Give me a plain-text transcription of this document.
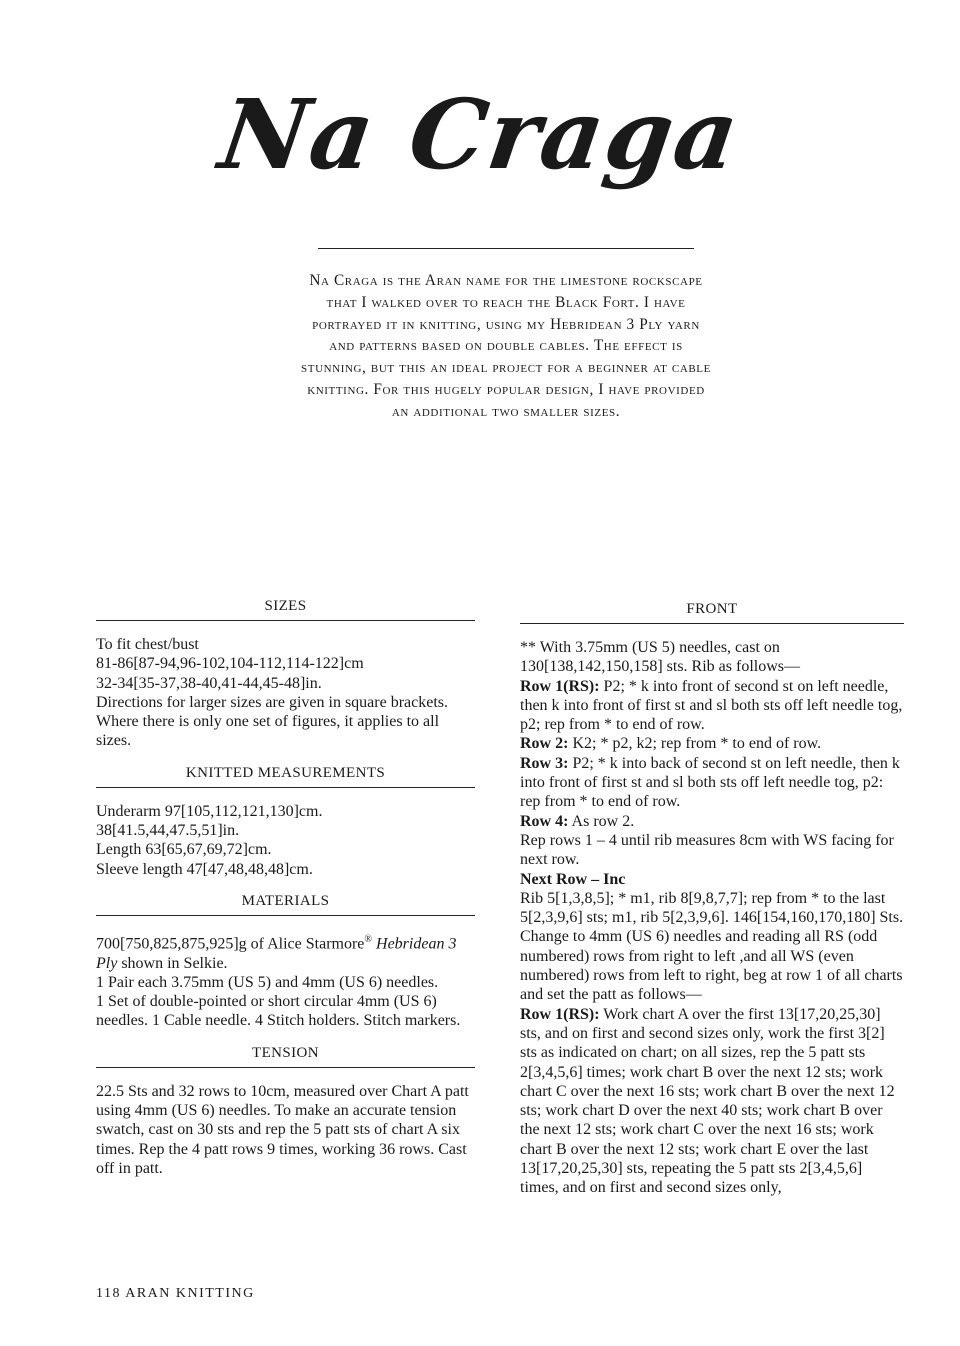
Na Craga
Na Craga is the Aran name for the limestone rockscape that I walked over to reach the Black Fort. I have portrayed it in knitting, using my Hebridean 3 Ply yarn and patterns based on double cables. The effect is stunning, but this an ideal project for a beginner at cable knitting. For this hugely popular design, I have provided an additional two smaller sizes.
SIZES

To fit chest/bust

81-86[87-94,96-102,104-112,114-122]cm

32-34[35-37,38-40,41-44,45-48]in.

Directions for larger sizes are given in square brackets. Where there is only one set of figures, it applies to all sizes.

KNITTED MEASUREMENTS

Underarm 97[105,112,121,130]cm.

38[41.5,44,47.5,51]in.

Length 63[65,67,69,72]cm.

Sleeve length 47[47,48,48,48]cm.

MATERIALS

700[750,825,875,925]g of Alice Starmore® Hebridean 3 Ply shown in Selkie.

1 Pair each 3.75mm (US 5) and 4mm (US 6) needles.

1 Set of double-pointed or short circular 4mm (US 6) needles. 1 Cable needle. 4 Stitch holders. Stitch markers.

TENSION

22.5 Sts and 32 rows to 10cm, measured over Chart A patt using 4mm (US 6) needles. To make an accurate tension swatch, cast on 30 sts and rep the 5 patt sts of chart A six times. Rep the 4 patt rows 9 times, working 36 rows. Cast off in patt.

FRONT

** With 3.75mm (US 5) needles, cast on 130[138,142,150,158] sts. Rib as follows—

Row 1(RS): P2; * k into front of second st on left needle, then k into front of first st and sl both sts off left needle tog, p2; rep from * to end of row.

Row 2: K2; * p2, k2; rep from * to end of row.

Row 3: P2; * k into back of second st on left needle, then k into front of first st and sl both sts off left needle tog, p2: rep from * to end of row.

Row 4: As row 2.

Rep rows 1 – 4 until rib measures 8cm with WS facing for next row.

Next Row – Inc

Rib 5[1,3,8,5]; * m1, rib 8[9,8,7,7]; rep from * to the last 5[2,3,9,6] sts; m1, rib 5[2,3,9,6]. 146[154,160,170,180] Sts.

Change to 4mm (US 6) needles and reading all RS (odd numbered) rows from right to left ,and all WS (even numbered) rows from left to right, beg at row 1 of all charts and set the patt as follows—

Row 1(RS): Work chart A over the first 13[17,20,25,30] sts, and on first and second sizes only, work the first 3[2] sts as indicated on chart; on all sizes, rep the 5 patt sts 2[3,4,5,6] times; work chart B over the next 12 sts; work chart C over the next 16 sts; work chart B over the next 12 sts; work chart D over the next 40 sts; work chart B over the next 12 sts; work chart C over the next 16 sts; work chart B over the next 12 sts; work chart E over the last 13[17,20,25,30] sts, repeating the 5 patt sts 2[3,4,5,6] times, and on first and second sizes only,

118 ARAN KNITTING
